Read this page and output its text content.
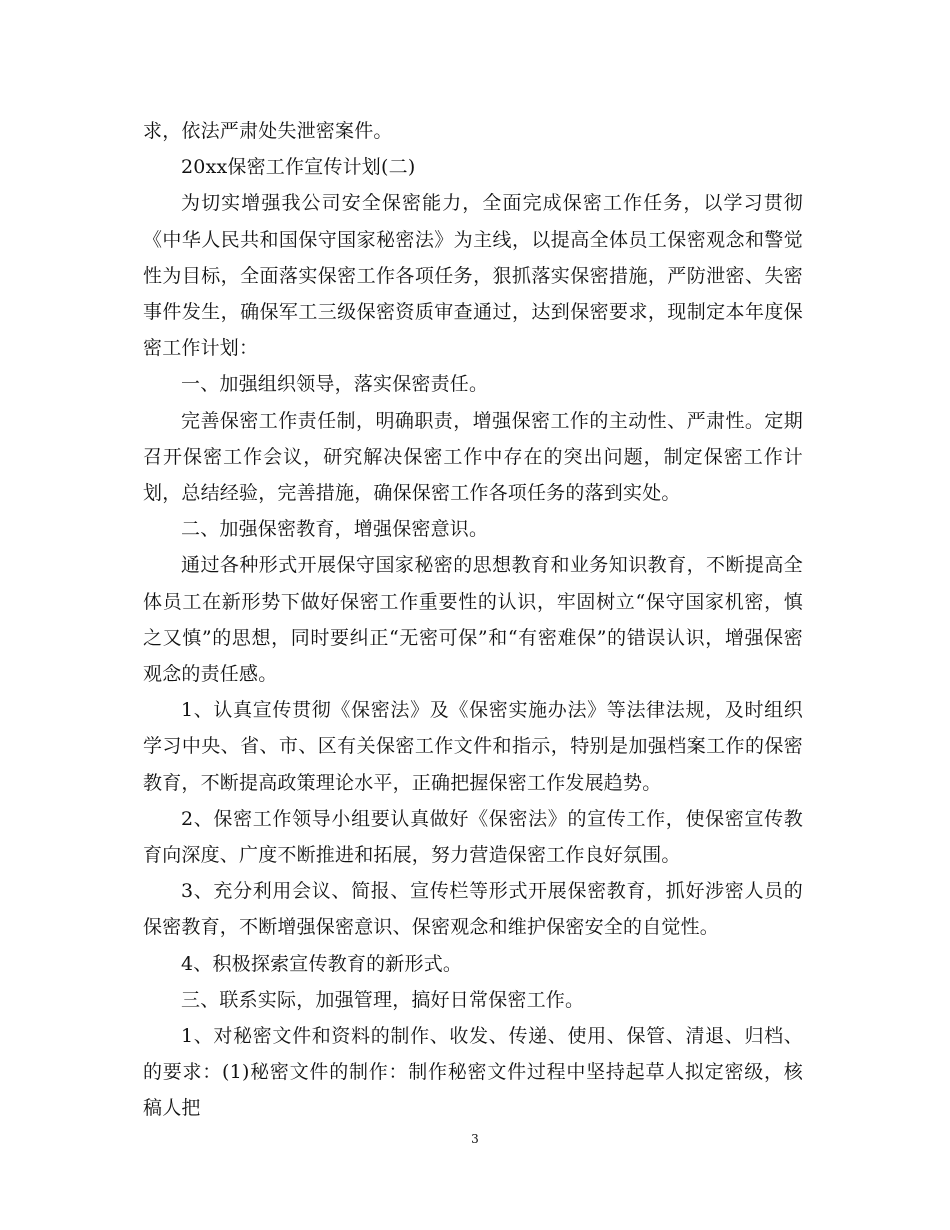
求，依法严肃处失泄密案件。

20xx保密工作宣传计划(二)

为切实增强我公司安全保密能力，全面完成保密工作任务，以学习贯彻《中华人民共和国保守国家秘密法》为主线，以提高全体员工保密观念和警觉性为目标，全面落实保密工作各项任务，狠抓落实保密措施，严防泄密、失密事件发生，确保军工三级保密资质审查通过，达到保密要求，现制定本年度保密工作计划：

一、加强组织领导，落实保密责任。

完善保密工作责任制，明确职责，增强保密工作的主动性、严肃性。定期召开保密工作会议，研究解决保密工作中存在的突出问题，制定保密工作计划，总结经验，完善措施，确保保密工作各项任务的落到实处。

二、加强保密教育，增强保密意识。

通过各种形式开展保守国家秘密的思想教育和业务知识教育，不断提高全体员工在新形势下做好保密工作重要性的认识，牢固树立“保守国家机密，慎之又慎”的思想，同时要纠正“无密可保”和“有密难保”的错误认识，增强保密观念的责任感。

1、认真宣传贯彻《保密法》及《保密实施办法》等法律法规，及时组织学习中央、省、市、区有关保密工作文件和指示，特别是加强档案工作的保密教育，不断提高政策理论水平，正确把握保密工作发展趋势。

2、保密工作领导小组要认真做好《保密法》的宣传工作，使保密宣传教育向深度、广度不断推进和拓展，努力营造保密工作良好氛围。

3、充分利用会议、简报、宣传栏等形式开展保密教育，抓好涉密人员的保密教育，不断增强保密意识、保密观念和维护保密安全的自觉性。

4、积极探索宣传教育的新形式。

三、联系实际，加强管理，搞好日常保密工作。

1、对秘密文件和资料的制作、收发、传递、使用、保管、清退、归档、的要求：(1)秘密文件的制作：制作秘密文件过程中坚持起草人拟定密级，核稿人把

3
